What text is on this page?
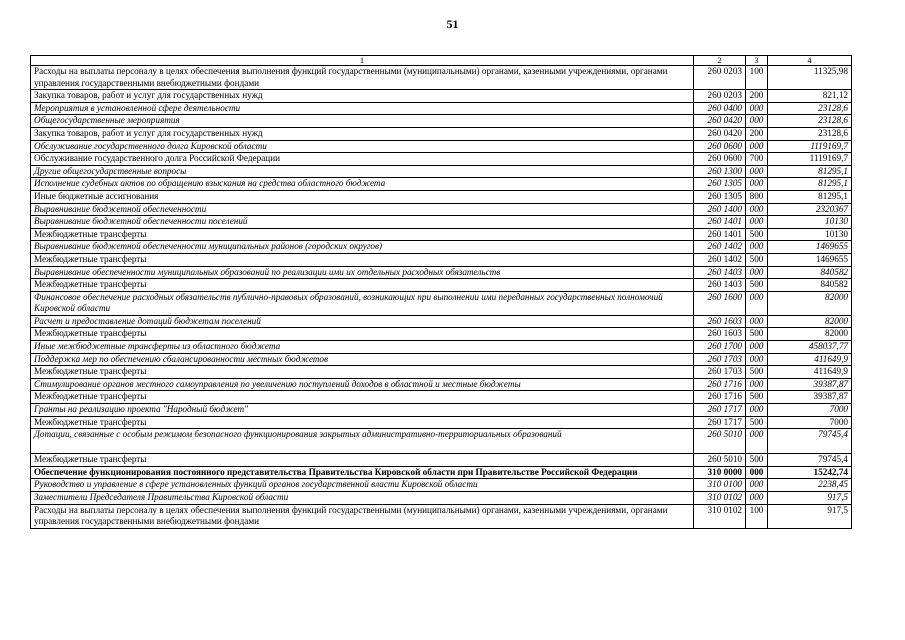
51
1	2	3	4
Расходы на выплаты персоналу в целях обеспечения выполнения функций государственными (муниципальными) органами, казенными учреждениями, органами управления государственными внебюджетными фондами	260 0203	100	11325,98
Закупка товаров, работ и услуг для государственных нужд	260 0203	200	821,12
Мероприятия в установленной сфере деятельности	260 0400	000	23128,6
Общегосударственные мероприятия	260 0420	000	23128,6
Закупка товаров, работ и услуг для государственных нужд	260 0420	200	23128,6
Обслуживание государственного долга Кировской области	260 0600	000	1119169,7
Обслуживание государственного долга Российской Федерации	260 0600	700	1119169,7
Другие общегосударственные вопросы	260 1300	000	81295,1
Исполнение судебных актов по обращению взыскания на средства областного бюджета	260 1305	000	81295,1
Иные бюджетные ассигнования	260 1305	800	81295,1
Выравнивание бюджетной обеспеченности	260 1400	000	2320367
Выравнивание бюджетной обеспеченности поселений	260 1401	000	10130
Межбюджетные трансферты	260 1401	500	10130
Выравнивание бюджетной обеспеченности муниципальных районов (городских округов)	260 1402	000	1469655
Межбюджетные трансферты	260 1402	500	1469655
Выравнивание обеспеченности муниципальных образований по реализации ими их отдельных расходных обязательств	260 1403	000	840582
Межбюджетные трансферты	260 1403	500	840582
Финансовое обеспечение расходных обязательств публично-правовых образований, возникающих при выполнении ими переданных государственных полномочий Кировской области	260 1600	000	82000
Расчет и предоставление дотаций бюджетам поселений	260 1603	000	82000
Межбюджетные трансферты	260 1603	500	82000
Иные межбюджетные трансферты из областного бюджета	260 1700	000	458037,77
Поддержка мер по обеспечению сбалансированности местных бюджетов	260 1703	000	411649,9
Межбюджетные трансферты	260 1703	500	411649,9
Стимулирование органов местного самоуправления по увеличению поступлений доходов в областной и местные бюджеты	260 1716	000	39387,87
Межбюджетные трансферты	260 1716	500	39387,87
Гранты на реализацию проекта "Народный бюджет"	260 1717	000	7000
Межбюджетные трансферты	260 1717	500	7000
Дотации, связанные с особым режимом безопасного функционирования закрытых административно-территориальных образований	260 5010	000	79745,4
Межбюджетные трансферты	260 5010	500	79745,4
Обеспечение функционирования постоянного представительства Правительства Кировской области при Правительстве Российской Федерации	310 0000	000	15242,74
Руководство и управление в сфере установленных функций органов государственной власти Кировской области	310 0100	000	2238,45
Заместители Председателя Правительства Кировской области	310 0102	000	917,5
Расходы на выплаты персоналу в целях обеспечения выполнения функций государственными (муниципальными) органами, казенными учреждениями, органами управления государственными внебюджетными фондами	310 0102	100	917,5
